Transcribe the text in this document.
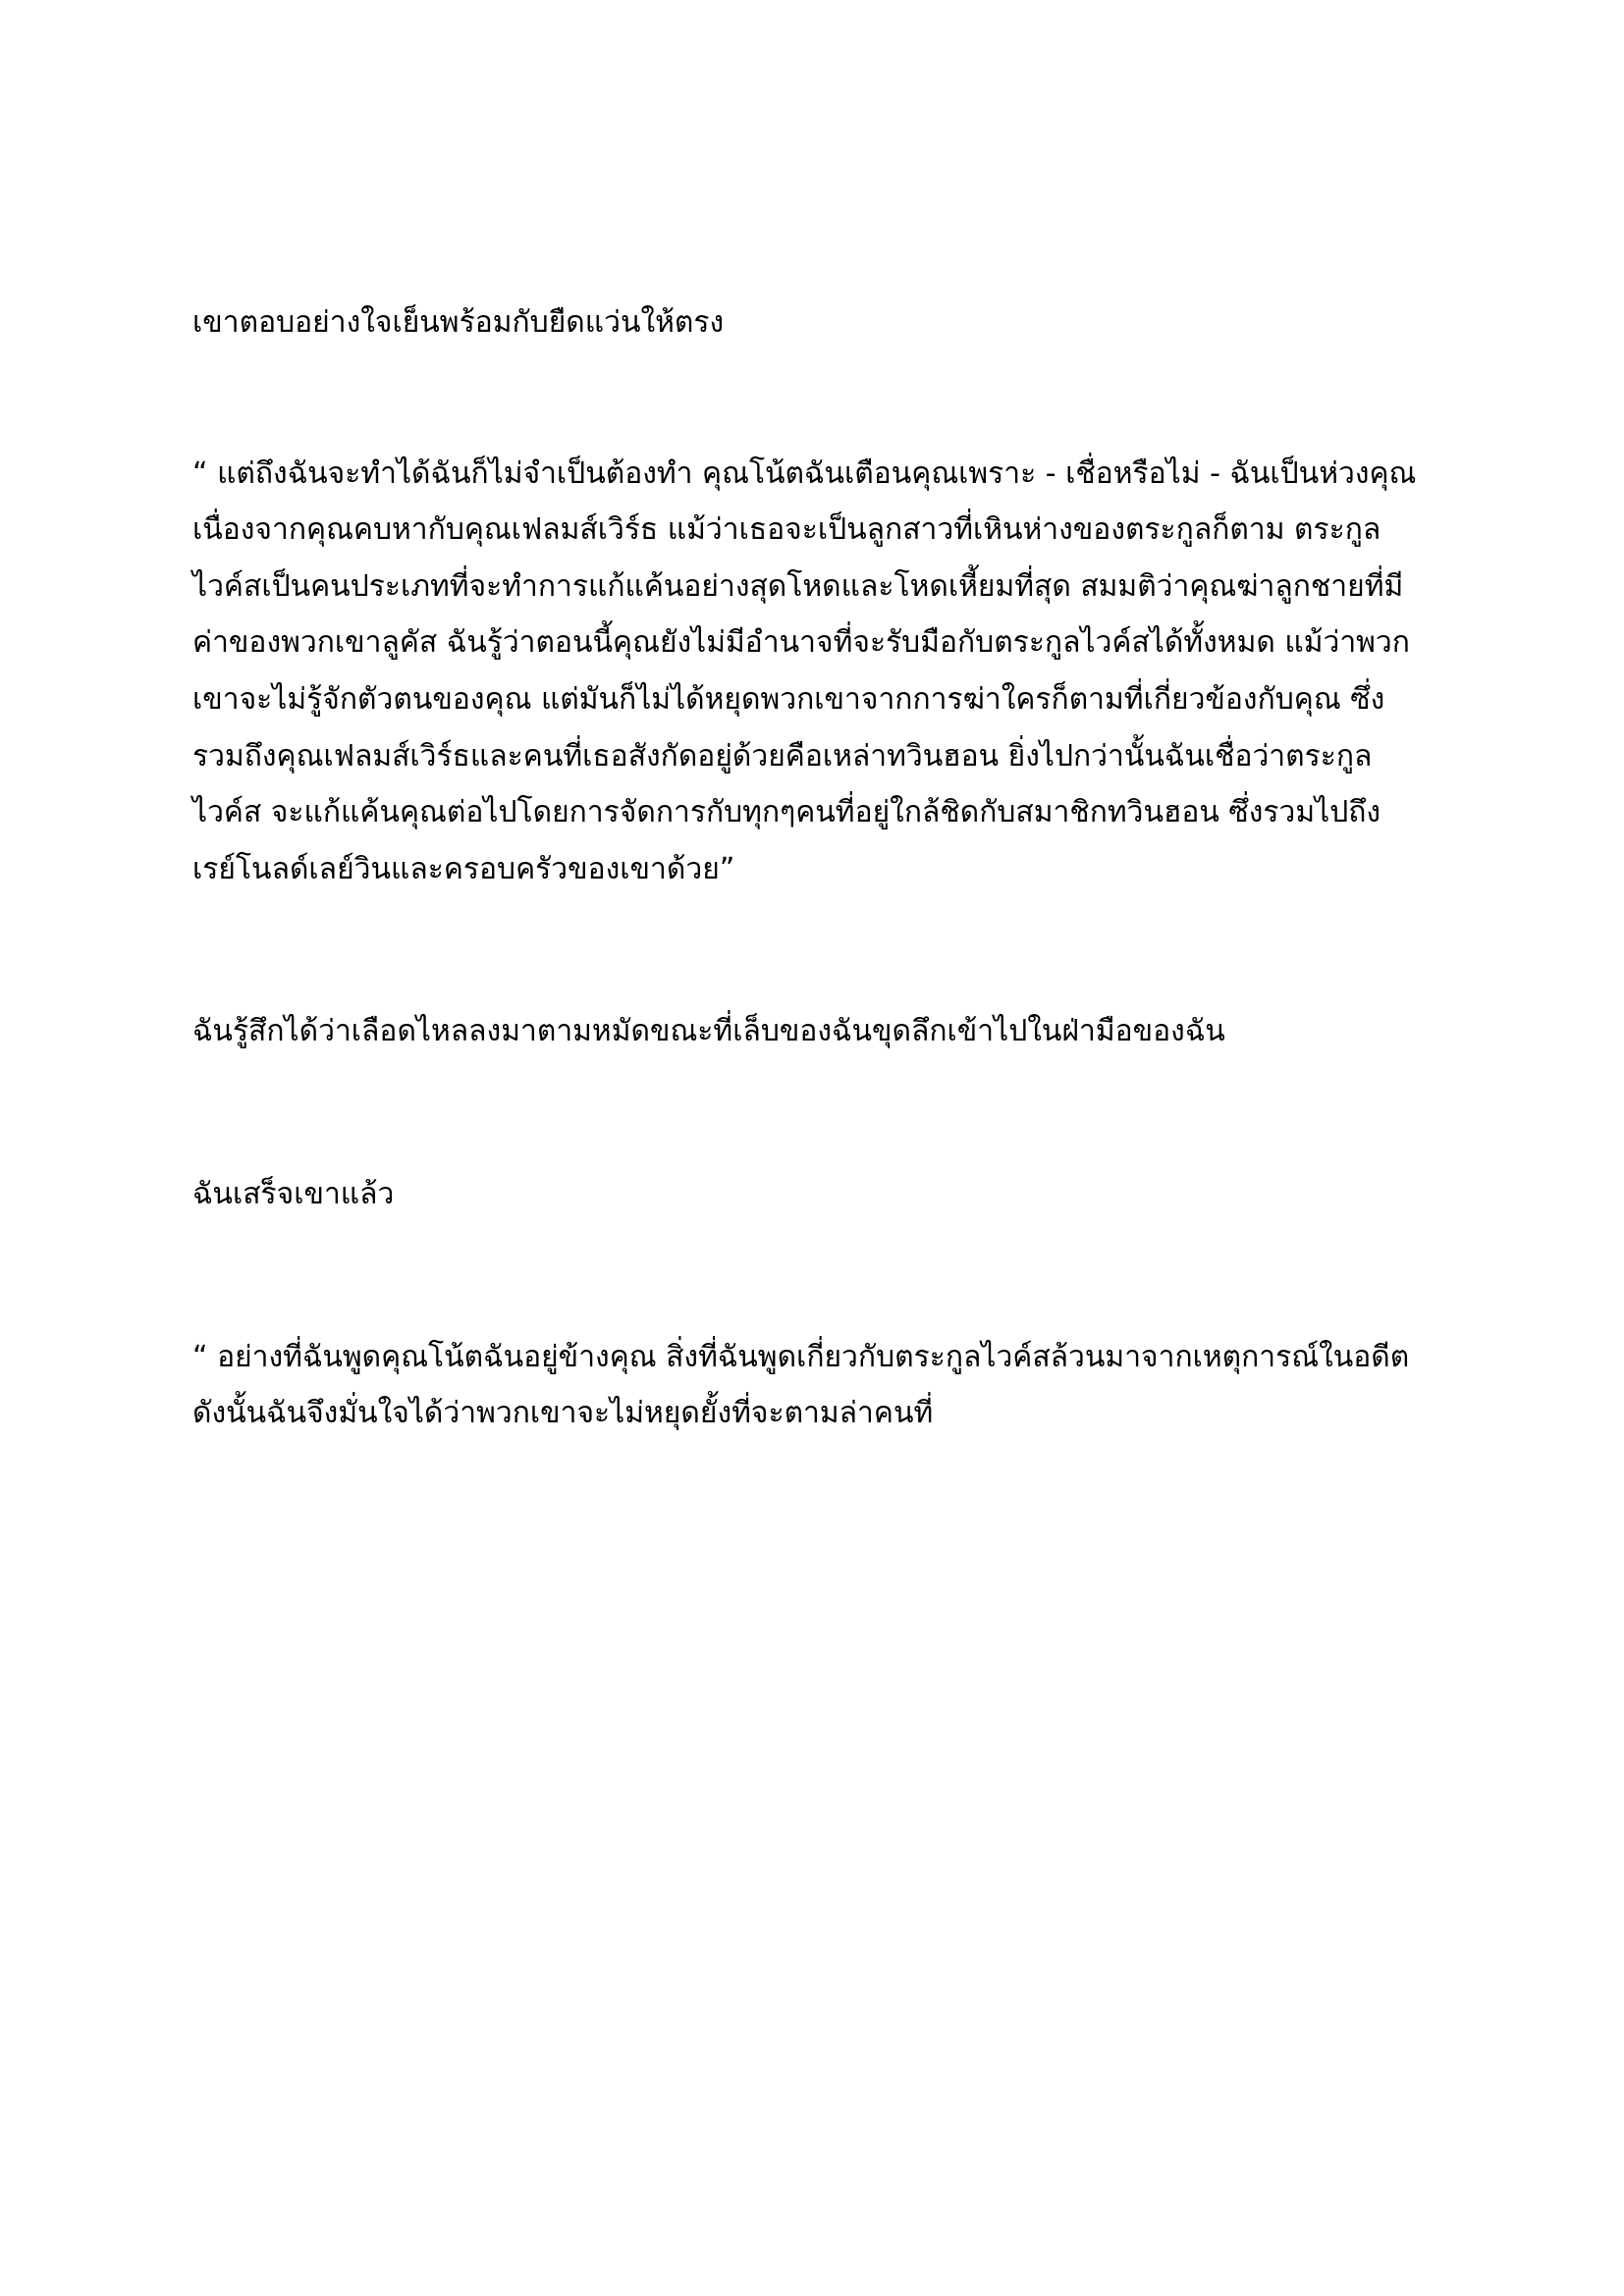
เขาตอบอย่างใจเย็นพร้อมกับยืดแว่นให้ตรง

“ แต่ถึงฉันจะทำได้ฉันก็ไม่จำเป็นต้องทำ คุณโน้ตฉันเตือนคุณเพราะ - เชื่อหรือไม่ - ฉันเป็นห่วงคุณเนื่องจากคุณคบหากับคุณเฟลมส์เวิร์ธ แม้ว่าเธอจะเป็นลูกสาวที่เหินห่างของตระกูลก็ตาม ตระกูลไวค์สเป็นคนประเภทที่จะทำการแก้แค้นอย่างสุดโหดและโหดเหี้ยมที่สุด สมมติว่าคุณฆ่าลูกชายที่มีค่าของพวกเขาลูคัส ฉันรู้ว่าตอนนี้คุณยังไม่มีอำนาจที่จะรับมือกับตระกูลไวค์สได้ทั้งหมด แม้ว่าพวกเขาจะไม่รู้จักตัวตนของคุณ แต่มันก็ไม่ได้หยุดพวกเขาจากการฆ่าใครก็ตามที่เกี่ยวข้องกับคุณ ซึ่งรวมถึงคุณเฟลมส์เวิร์ธและคนที่เธอสังกัดอยู่ด้วยคือเหล่าทวินฮอน ยิ่งไปกว่านั้นฉันเชื่อว่าตระกูลไวค์ส จะแก้แค้นคุณต่อไปโดยการจัดการกับทุกๆคนที่อยู่ใกล้ชิดกับสมาชิกทวินฮอน ซึ่งรวมไปถึงเรย์โนลด์เลย์วินและครอบครัวของเขาด้วย”

ฉันรู้สึกได้ว่าเลือดไหลลงมาตามหมัดขณะที่เล็บของฉันขุดลึกเข้าไปในฝ่ามือของฉัน

ฉันเสร็จเขาแล้ว

“ อย่างที่ฉันพูดคุณโน้ตฉันอยู่ข้างคุณ สิ่งที่ฉันพูดเกี่ยวกับตระกูลไวค์สล้วนมาจากเหตุการณ์ในอดีต ดังนั้นฉันจึงมั่นใจได้ว่าพวกเขาจะไม่หยุดยั้งที่จะตามล่าคนที่
